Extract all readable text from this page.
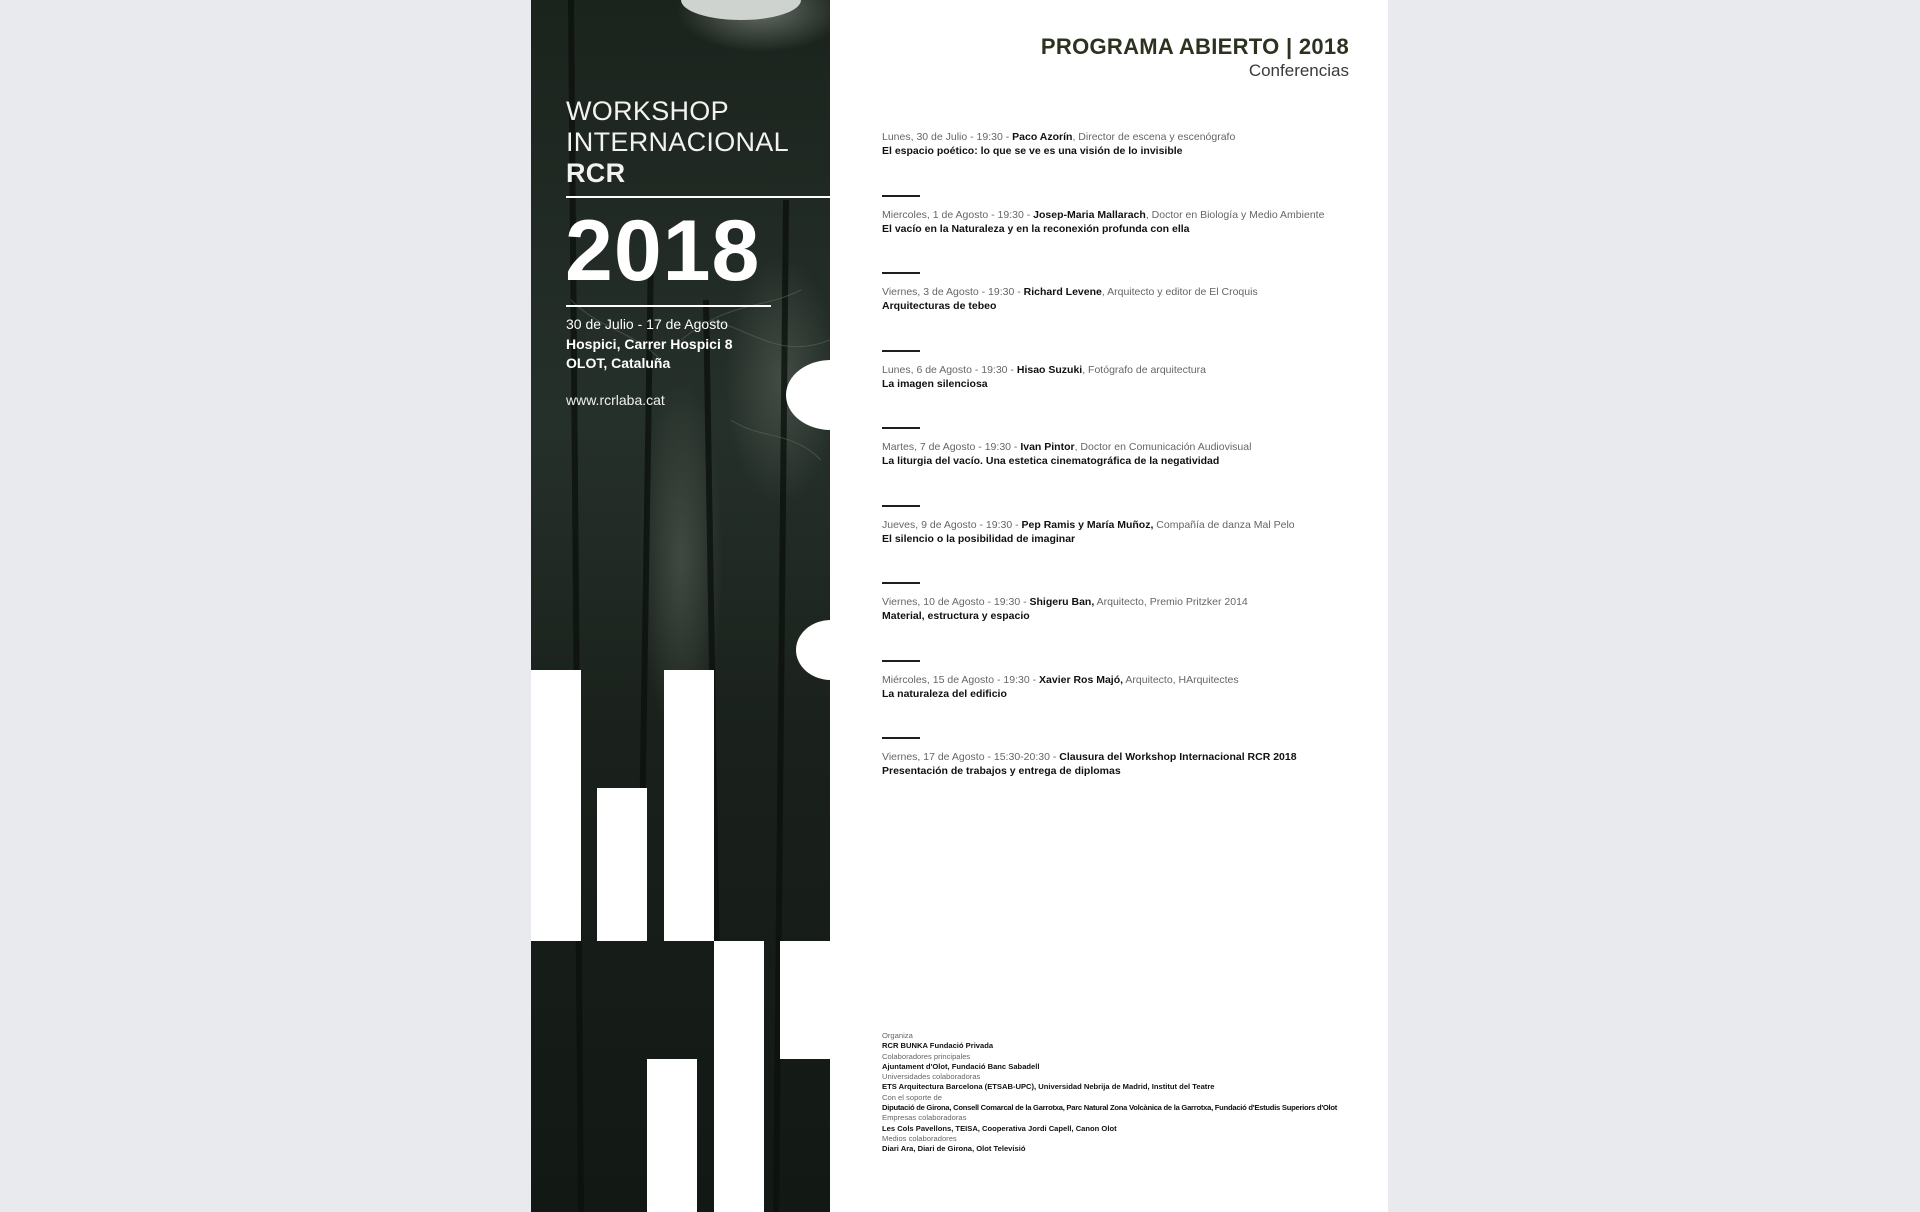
WORKSHOP
INTERNACIONAL
RCR
2018
30 de Julio - 17 de Agosto
Hospici, Carrer Hospici 8
OLOT, Cataluña
www.rcrlaba.cat
PROGRAMA ABIERTO | 2018
Conferencias
Lunes, 30 de Julio - 19:30 - Paco Azorín, Director de escena y escenógrafo
El espacio poético: lo que se ve es una visión de lo invisible
Miercoles, 1 de Agosto - 19:30 - Josep-Maria Mallarach, Doctor en Biología y Medio Ambiente
El vacío en la Naturaleza y en la reconexión profunda con ella
Viernes, 3 de Agosto - 19:30 - Richard Levene, Arquitecto y editor de El Croquis
Arquitecturas de tebeo
Lunes, 6 de Agosto - 19:30 - Hisao Suzuki, Fotógrafo de arquitectura
La imagen silenciosa
Martes, 7 de Agosto - 19:30 - Ivan Pintor, Doctor en Comunicación Audiovisual
La liturgia del vacío. Una estetica cinematográfica de la negatividad
Jueves, 9 de Agosto - 19:30 - Pep Ramis y María Muñoz, Compañía de danza Mal Pelo
El silencio o la posibilidad de imaginar
Viernes, 10 de Agosto - 19:30 - Shigeru Ban, Arquitecto, Premio Pritzker 2014
Material, estructura y espacio
Miércoles, 15 de Agosto - 19:30 - Xavier Ros Majó, Arquitecto, HArquitectes
La naturaleza del edificio
Viernes, 17 de Agosto - 15:30-20:30 - Clausura del Workshop Internacional RCR 2018
Presentación de trabajos y entrega de diplomas
Organiza
RCR BUNKA Fundació Privada
Colaboradores principales
Ajuntament d'Olot, Fundació Banc Sabadell
Universidades colaboradoras
ETS Arquitectura Barcelona (ETSAB-UPC), Universidad Nebrija de Madrid, Institut del Teatre
Con el soporte de
Diputació de Girona, Consell Comarcal de la Garrotxa, Parc Natural Zona Volcànica de la Garrotxa, Fundació d'Estudis Superiors d'Olot
Empresas colaboradoras
Les Cols Pavellons, TEISA, Cooperativa Jordi Capell, Canon Olot
Medios colaboradores
Diari Ara, Diari de Girona, Olot Televisió
